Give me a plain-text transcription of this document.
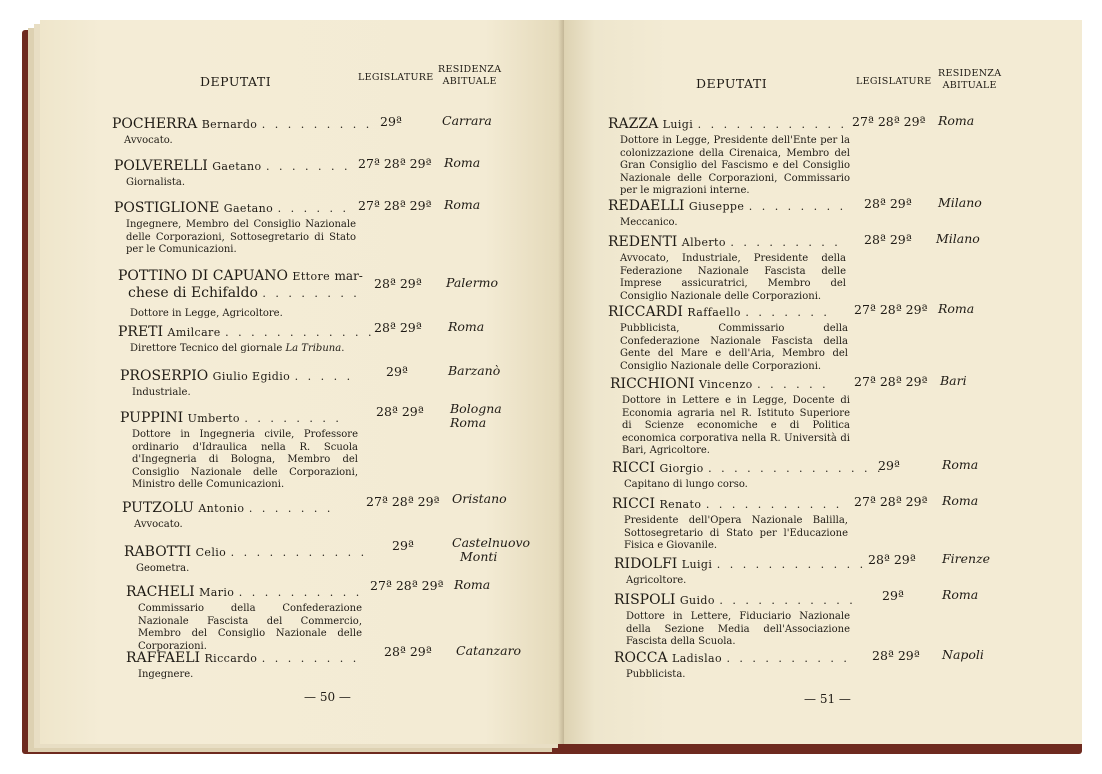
DEPUTATI	LEGISLATURE
RESIDENZA
ABITUALE
POCHERRA Bernardo . . . . . . . . .
Avvocato.
29ª	Carrara
POLVERELLI Gaetano . . . . . . .
Giornalista.
27ª 28ª 29ª Roma
POSTIGLIONE Gaetano . . . . . .
Ingegnere, Membro del Consiglio Nazionale delle Corporazioni, Sottosegretario di Stato per le Comunicazioni.
27ª 28ª 29ª Roma
POTTINO DI CAPUANO Ettore mar-
chese di Echifaldo . . . . . . . .
Dottore in Legge, Agricoltore.
28ª 29ª Palermo
PRETI Amilcare . . . . . . . . . . . .
Direttore Tecnico del giornale La Tribuna.
28ª 29ª Roma
PROSERPIO Giulio Egidio . . . . .
Industriale.
29ª	Barzanò
PUPPINI Umberto . . . . . . . .
Dottore in Ingegneria civile, Professore ordinario d'Idraulica nella R. Scuola d'Ingegneria di Bologna, Membro del Consiglio Nazionale delle Corporazioni, Ministro delle Comunicazioni.
28ª 29ª Bologna
Roma
PUTZOLU Antonio . . . . . . .
Avvocato.
27ª 28ª 29ª Oristano
RABOTTI Celio . . . . . . . . . . .
Geometra.
29ª	Castelnuovo
Monti
RACHELI Mario . . . . . . . . . .
Commissario della Confederazione Nazionale Fascista del Commercio, Membro del Consiglio Nazionale delle Corporazioni.
27ª 28ª 29ª Roma
RAFFAELI Riccardo . . . . . . . .
Ingegnere.
28ª 29ª Catanzaro
— 50 —
DEPUTATI	LEGISLATURE
RESIDENZA
ABITUALE
RAZZA Luigi . . . . . . . . . . . .
Dottore in Legge, Presidente dell'Ente per la colonizzazione della Cirenaica, Membro del Gran Consiglio del Fascismo e del Consiglio Nazionale delle Corporazioni, Commissario per le migrazioni interne.
27ª 28ª 29ª Roma
REDAELLI Giuseppe . . . . . . . .
Meccanico.
28ª 29ª Milano
REDENTI Alberto . . . . . . . . .
Avvocato, Industriale, Presidente della Federazione Nazionale Fascista delle Imprese assicuratrici, Membro del Consiglio Nazionale delle Corporazioni.
28ª 29ª Milano
RICCARDI Raffaello . . . . . . .
Pubblicista, Commissario della Confederazione Nazionale Fascista della Gente del Mare e dell'Aria, Membro del Consiglio Nazionale delle Corporazioni.
27ª 28ª 29ª Roma
RICCHIONI Vincenzo . . . . . .
Dottore in Lettere e in Legge, Docente di Economia agraria nel R. Istituto Superiore di Scienze economiche e di Politica economica corporativa nella R. Università di Bari, Agricoltore.
27ª 28ª 29ª Bari
RICCI Giorgio . . . . . . . . . . . . . .
Capitano di lungo corso.
29ª	Roma
RICCI Renato . . . . . . . . . . .
Presidente dell'Opera Nazionale Balilla, Sottosegretario di Stato per l'Educazione Fisica e Giovanile.
27ª 28ª 29ª Roma
RIDOLFI Luigi . . . . . . . . . . . .
Agricoltore.
28ª 29ª Firenze
RISPOLI Guido . . . . . . . . . . .
Dottore in Lettere, Fiduciario Nazionale della Sezione Media dell'Associazione Fascista della Scuola.
29ª	Roma
ROCCA Ladislao . . . . . . . . . .
Pubblicista.
28ª 29ª Napoli
— 51 —
